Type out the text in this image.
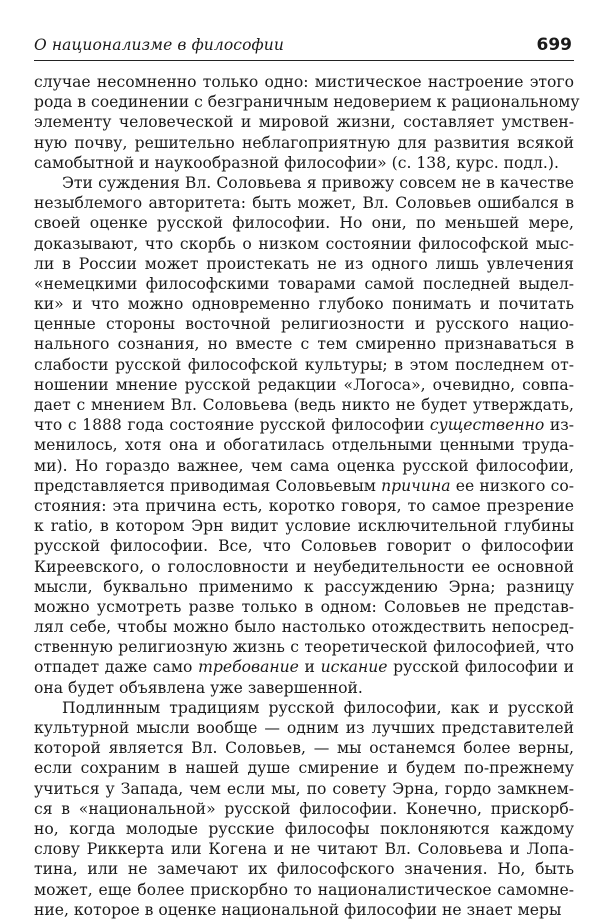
О национализме в философии	699
случае несомненно только одно: мистическое настроение этого
рода в соединении с безграничным недоверием к рациональному
элементу человеческой и мировой жизни, составляет умствен-
ную почву, решительно неблагоприятную для развития всякой
самобытной и наукообразной философии» (с. 138, курс. подл.).
Эти суждения Вл. Соловьева я привожу совсем не в качестве
незыблемого авторитета: быть может, Вл. Соловьев ошибался в
своей оценке русской философии. Но они, по меньшей мере,
доказывают, что скорбь о низком состоянии философской мыс-
ли в России может проистекать не из одного лишь увлечения
«немецкими философскими товарами самой последней выдел-
ки» и что можно одновременно глубоко понимать и почитать
ценные стороны восточной религиозности и русского нацио-
нального сознания, но вместе с тем смиренно признаваться в
слабости русской философской культуры; в этом последнем от-
ношении мнение русской редакции «Логоса», очевидно, совпа-
дает с мнением Вл. Соловьева (ведь никто не будет утверждать,
что с 1888 года состояние русской философии существенно из-
менилось, хотя она и обогатилась отдельными ценными труда-
ми). Но гораздо важнее, чем сама оценка русской философии,
представляется приводимая Соловьевым причина ее низкого со-
стояния: эта причина есть, коротко говоря, то самое презрение
к ratio, в котором Эрн видит условие исключительной глубины
русской философии. Все, что Соловьев говорит о философии
Киреевского, о голословности и неубедительности ее основной
мысли, буквально применимо к рассуждению Эрна; разницу
можно усмотреть разве только в одном: Соловьев не представ-
лял себе, чтобы можно было настолько отождествить непосред-
ственную религиозную жизнь с теоретической философией, что
отпадет даже само требование и искание русской философии и
она будет объявлена уже завершенной.
Подлинным традициям русской философии, как и русской
культурной мысли вообще — одним из лучших представителей
которой является Вл. Соловьев, — мы останемся более верны,
если сохраним в нашей душе смирение и будем по-прежнему
учиться у Запада, чем если мы, по совету Эрна, гордо замкнем-
ся в «национальной» русской философии. Конечно, прискорб-
но, когда молодые русские философы поклоняются каждому
слову Риккерта или Когена и не читают Вл. Соловьева и Лопа-
тина, или не замечают их философского значения. Но, быть
может, еще более прискорбно то националистическое самомне-
ние, которое в оценке национальной философии не знает меры
